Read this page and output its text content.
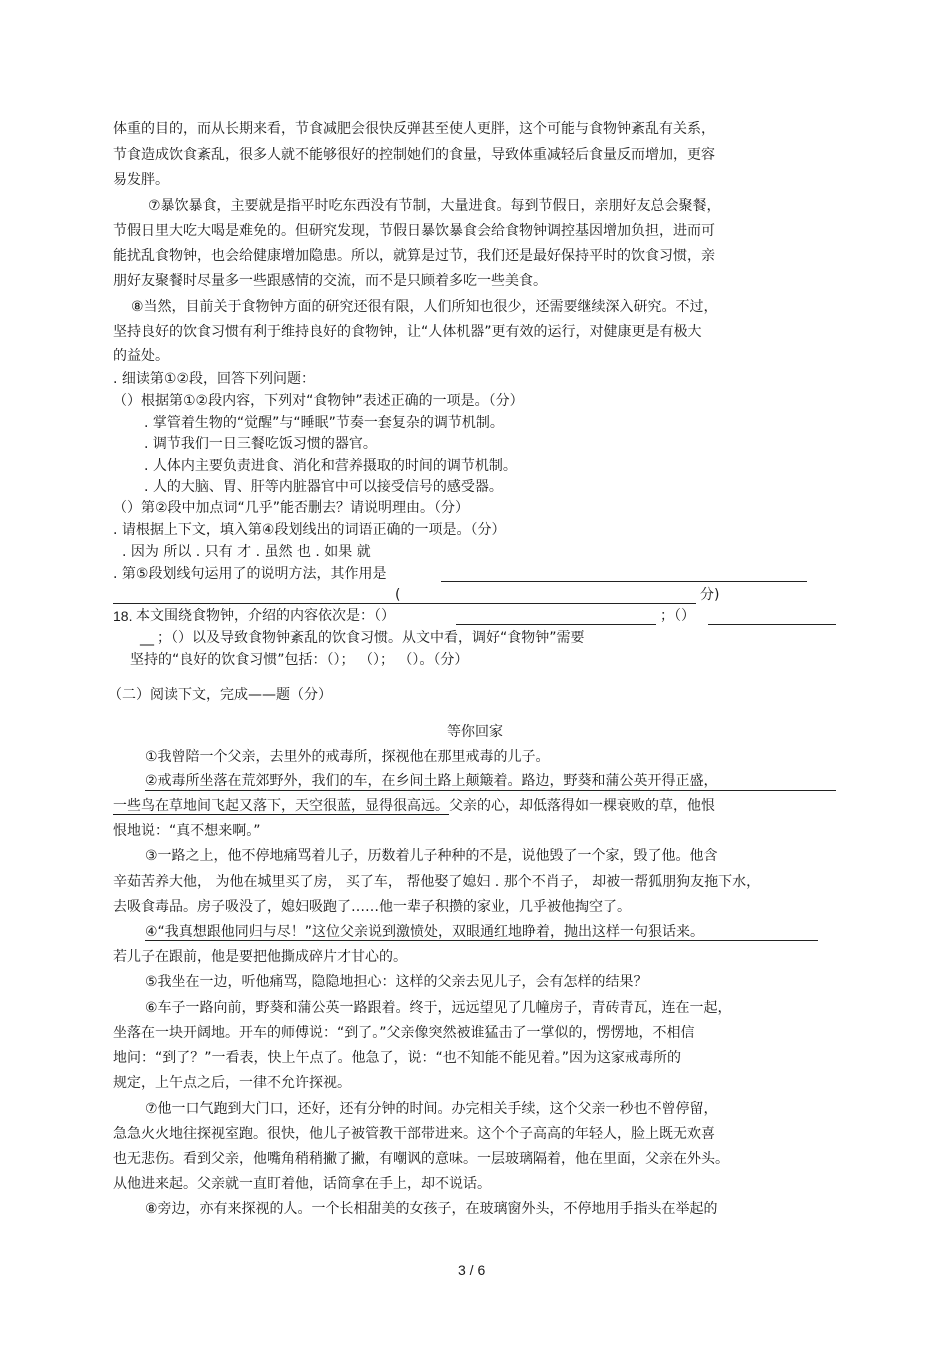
体重的目的，而从长期来看，节食减肥会很快反弹甚至使人更胖，这个可能与食物钟紊乱有关系，
节食造成饮食紊乱，很多人就不能够很好的控制她们的食量，导致体重减轻后食量反而增加，更容
易发胖。
⑦暴饮暴食，主要就是指平时吃东西没有节制，大量进食。每到节假日，亲朋好友总会聚餐，
节假日里大吃大喝是难免的。但研究发现，节假日暴饮暴食会给食物钟调控基因增加负担，进而可
能扰乱食物钟，也会给健康增加隐患。所以，就算是过节，我们还是最好保持平时的饮食习惯，亲
朋好友聚餐时尽量多一些跟感情的交流，而不是只顾着多吃一些美食。
⑧当然，目前关于食物钟方面的研究还很有限，人们所知也很少，还需要继续深入研究。不过，
坚持良好的饮食习惯有利于维持良好的食物钟，让“人体机器”更有效的运行，对健康更是有极大
的益处。
. 细读第①②段，回答下列问题：
（）根据第①②段内容，下列对“食物钟”表述正确的一项是。（分）
. 掌管着生物的“觉醒”与“睡眠”节奏一套复杂的调节机制。
. 调节我们一日三餐吃饭习惯的器官。
. 人体内主要负责进食、消化和营养摄取的时间的调节机制。
. 人的大脑、胃、肝等内脏器官中可以接受信号的感受器。
（）第②段中加点词“几乎”能否删去？请说明理由。（分）
. 请根据上下文，填入第④段划线出的词语正确的一项是。（分）
. 因为 所以 . 只有 才 . 虽然 也 . 如果 就
. 第⑤段划线句运用了的说明方法，其作用是
(	分)
18. 本文围绕食物钟，介绍的内容依次是：（）	；（）
__ ；（）以及导致食物钟紊乱的饮食习惯。从文中看，调好“食物钟”需要
坚持的“良好的饮食习惯”包括：（）； （）； （）。（分）
（二）阅读下文，完成——题（分）
等你回家
①我曾陪一个父亲，去里外的戒毒所，探视他在那里戒毒的儿子。
②戒毒所坐落在荒郊野外，我们的车，在乡间土路上颠簸着。路边，野葵和蒲公英开得正盛，
一些鸟在草地间飞起又落下，天空很蓝，显得很高远。父亲的心，却低落得如一棵衰败的草，他恨
恨地说：“真不想来啊。”
③一路之上，他不停地痛骂着儿子，历数着儿子种种的不是，说他毁了一个家，毁了他。他含
辛茹苦养大他， 为他在城里买了房， 买了车， 帮他娶了媳妇 . 那个不肖子， 却被一帮狐朋狗友拖下水，
去吸食毒品。房子吸没了，媳妇吸跑了……他一辈子积攒的家业，几乎被他掏空了。
④“我真想跟他同归与尽！”这位父亲说到激愤处，双眼通红地睁着，抛出这样一句狠话来。
若儿子在跟前，他是要把他撕成碎片才甘心的。
⑤我坐在一边，听他痛骂，隐隐地担心：这样的父亲去见儿子，会有怎样的结果？
⑥车子一路向前，野葵和蒲公英一路跟着。终于，远远望见了几幢房子，青砖青瓦，连在一起，
坐落在一块开阔地。开车的师傅说：“到了。”父亲像突然被谁猛击了一掌似的，愣愣地，不相信
地问：“到了？”一看表，快上午点了。他急了，说：“也不知能不能见着。”因为这家戒毒所的
规定，上午点之后，一律不允许探视。
⑦他一口气跑到大门口，还好，还有分钟的时间。办完相关手续，这个父亲一秒也不曾停留，
急急火火地往探视室跑。很快，他儿子被管教干部带进来。这个个子高高的年轻人，脸上既无欢喜
也无悲伤。看到父亲，他嘴角稍稍撇了撇，有嘲讽的意味。一层玻璃隔着，他在里面，父亲在外头。
从他进来起。父亲就一直盯着他，话筒拿在手上，却不说话。
⑧旁边，亦有来探视的人。一个长相甜美的女孩子，在玻璃窗外头，不停地用手指头在举起的
3 / 6
